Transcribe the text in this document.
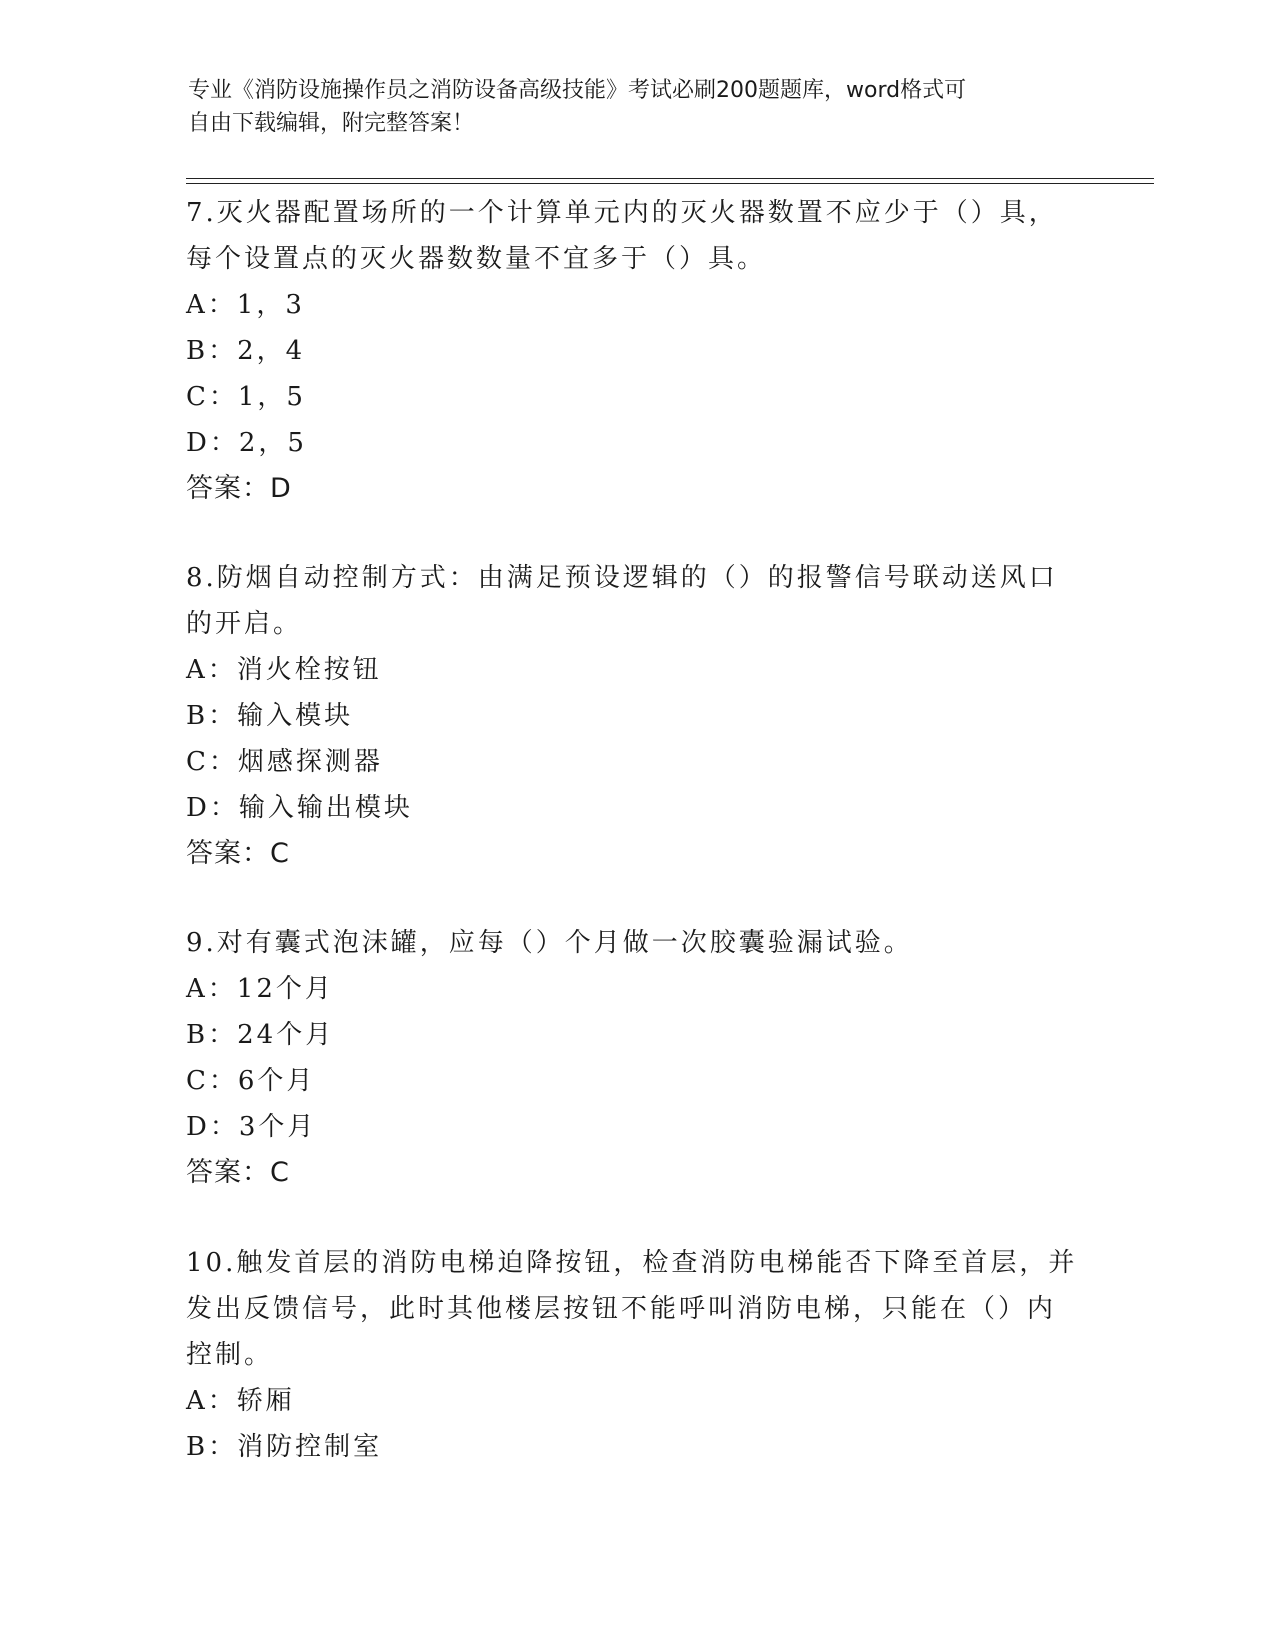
专业《消防设施操作员之消防设备高级技能》考试必刷200题题库，word格式可
自由下载编辑，附完整答案！
7.灭火器配置场所的一个计算单元内的灭火器数置不应少于（）具，
每个设置点的灭火器数数量不宜多于（）具。
A：1，3
B：2，4
C：1，5
D：2，5
答案：D
8.防烟自动控制方式：由满足预设逻辑的（）的报警信号联动送风口
的开启。
A：消火栓按钮
B：输入模块
C：烟感探测器
D：输入输出模块
答案：C
9.对有囊式泡沫罐，应每（）个月做一次胶囊验漏试验。
A：12个月
B：24个月
C：6个月
D：3个月
答案：C
10.触发首层的消防电梯迫降按钮，检查消防电梯能否下降至首层，并
发出反馈信号，此时其他楼层按钮不能呼叫消防电梯，只能在（）内
控制。
A：轿厢
B：消防控制室
